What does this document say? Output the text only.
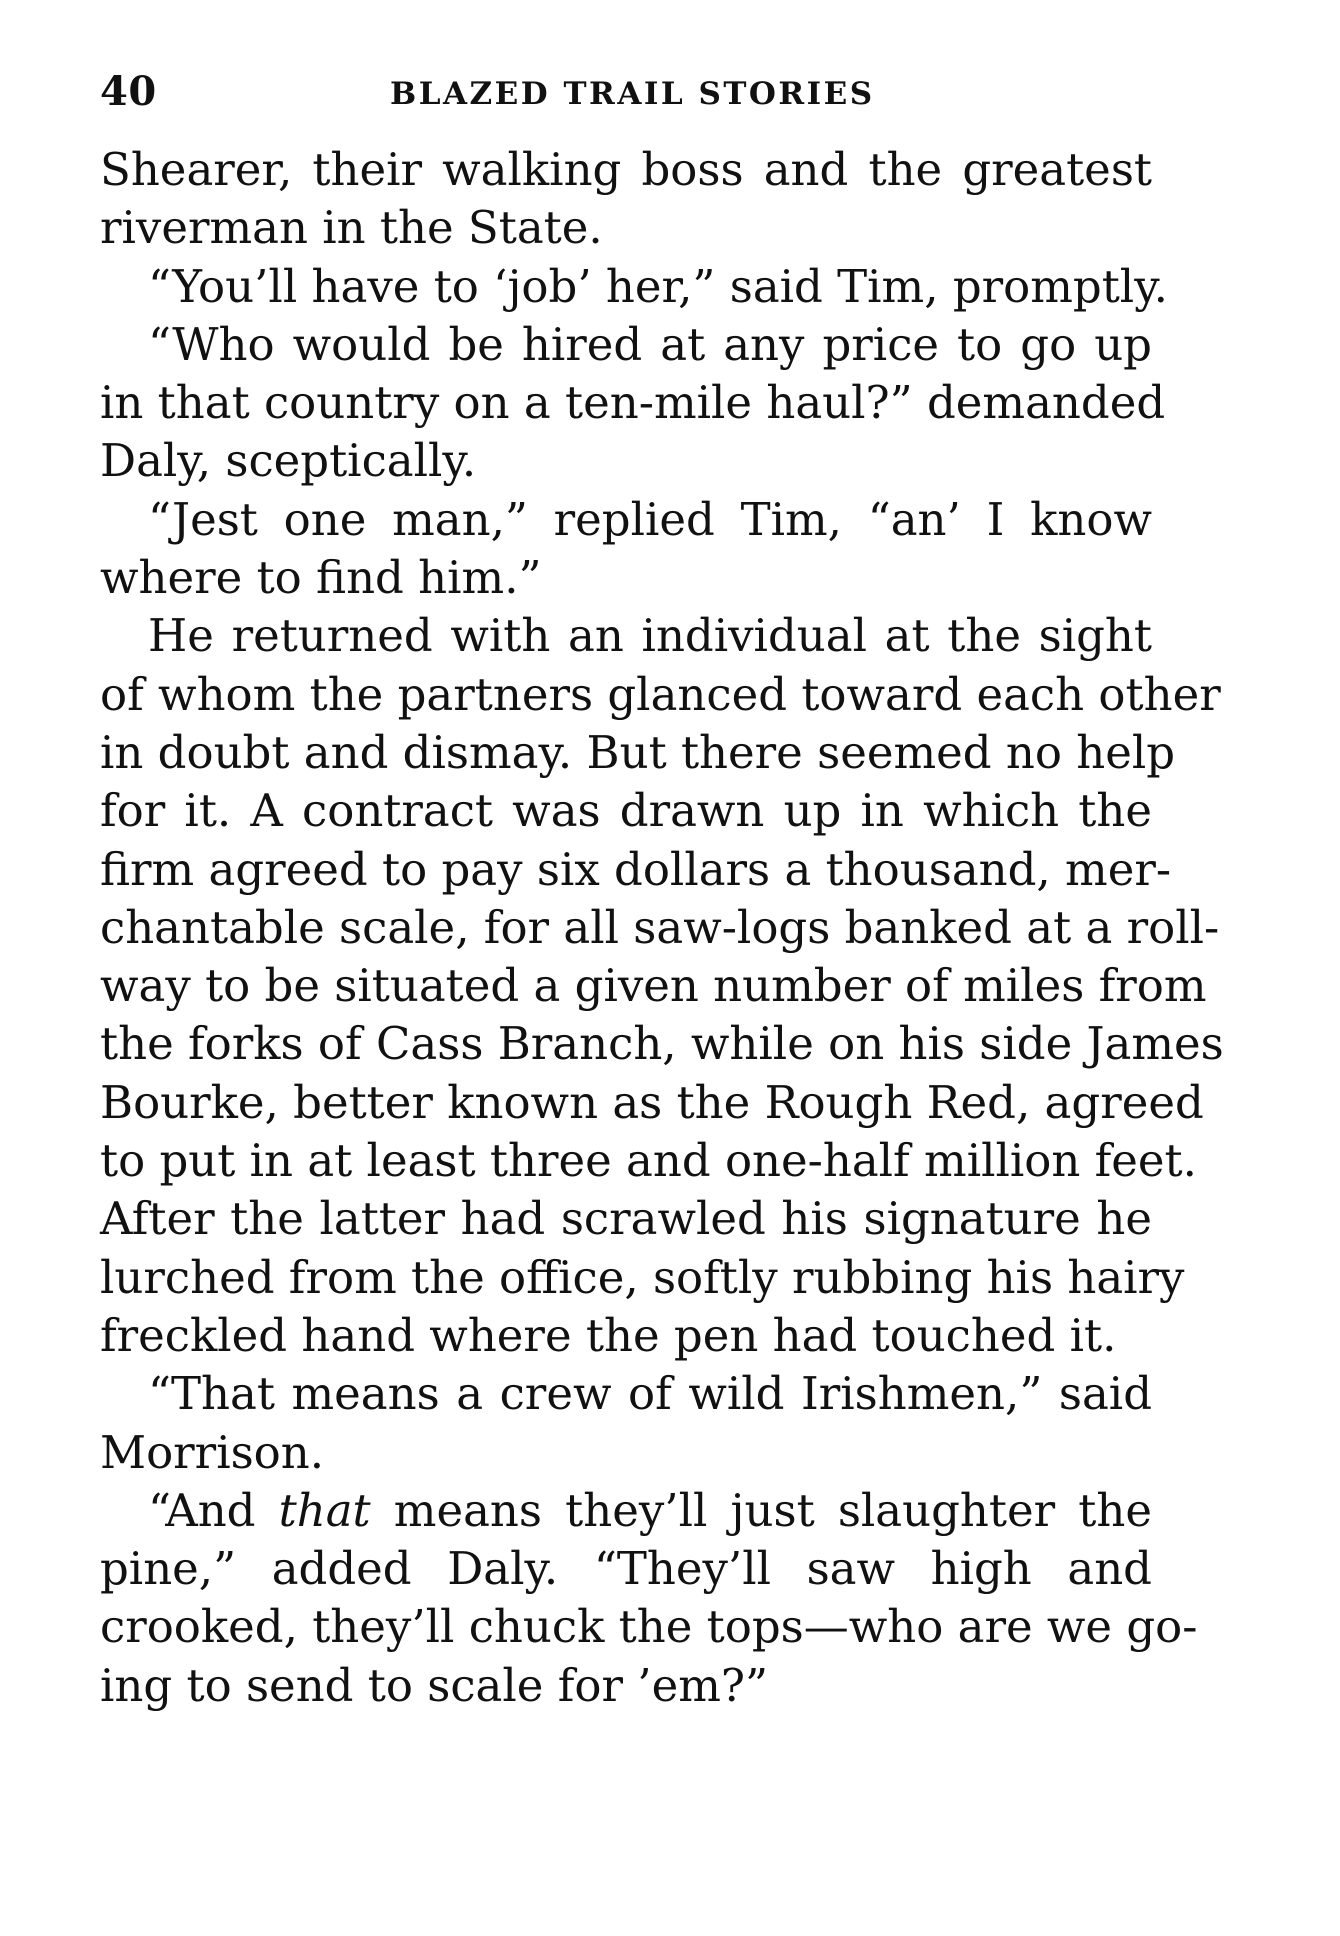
40	BLAZED TRAIL STORIES
Shearer, their walking boss and the greatest
riverman in the State.
“You’ll have to ‘job’ her,” said Tim, promptly.
“Who would be hired at any price to go up
in that country on a ten-mile haul?” demanded
Daly, sceptically.
“Jest one man,” replied Tim, “an’ I know
where to find him.”
He returned with an individual at the sight
of whom the partners glanced toward each other
in doubt and dismay. But there seemed no help
for it. A contract was drawn up in which the
firm agreed to pay six dollars a thousand, mer-
chantable scale, for all saw-logs banked at a roll-
way to be situated a given number of miles from
the forks of Cass Branch, while on his side James
Bourke, better known as the Rough Red, agreed
to put in at least three and one-half million feet.
After the latter had scrawled his signature he
lurched from the office, softly rubbing his hairy
freckled hand where the pen had touched it.
“That means a crew of wild Irishmen,” said
Morrison.
“And that means they’ll just slaughter the
pine,” added Daly. “They’ll saw high and
crooked, they’ll chuck the tops—who are we go-
ing to send to scale for ’em?”
